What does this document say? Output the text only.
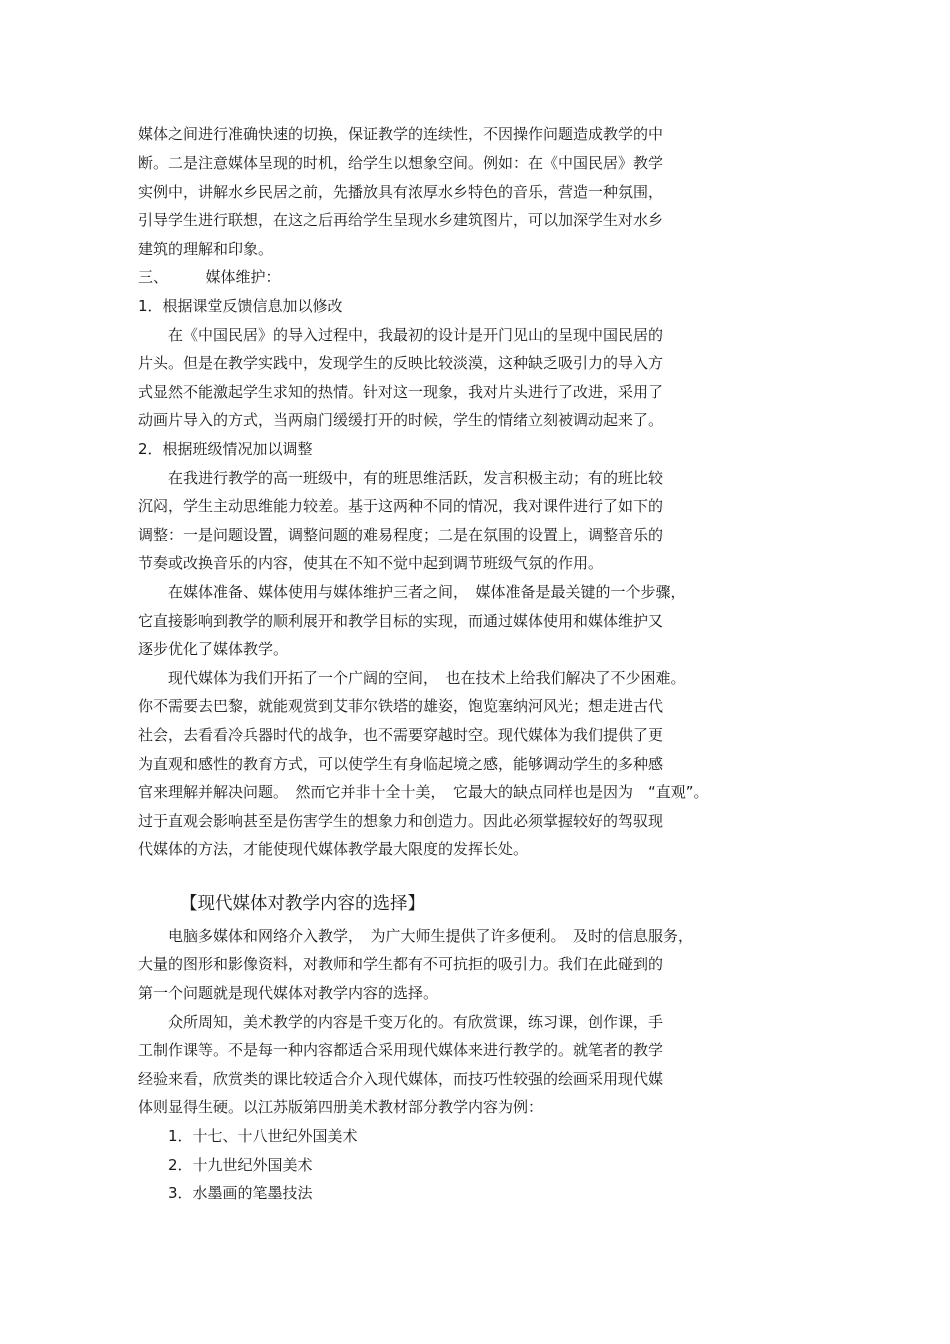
媒体之间进行准确快速的切换，保证教学的连续性，不因操作问题造成教学的中
断。二是注意媒体呈现的时机，给学生以想象空间。例如：在《中国民居》教学
实例中，讲解水乡民居之前，先播放具有浓厚水乡特色的音乐，营造一种氛围，
引导学生进行联想，在这之后再给学生呈现水乡建筑图片，可以加深学生对水乡
建筑的理解和印象。
三、　　　媒体维护：
1．根据课堂反馈信息加以修改
　　在《中国民居》的导入过程中，我最初的设计是开门见山的呈现中国民居的
片头。但是在教学实践中，发现学生的反映比较淡漠，这种缺乏吸引力的导入方
式显然不能激起学生求知的热情。针对这一现象，我对片头进行了改进，采用了
动画片导入的方式，当两扇门缓缓打开的时候，学生的情绪立刻被调动起来了。
2．根据班级情况加以调整
　　在我进行教学的高一班级中，有的班思维活跃，发言积极主动；有的班比较
沉闷，学生主动思维能力较差。基于这两种不同的情况，我对课件进行了如下的
调整：一是问题设置，调整问题的难易程度；二是在氛围的设置上，调整音乐的
节奏或改换音乐的内容，使其在不知不觉中起到调节班级气氛的作用。
　　在媒体准备、媒体使用与媒体维护三者之间，　媒体准备是最关键的一个步骤，
它直接影响到教学的顺利展开和教学目标的实现，而通过媒体使用和媒体维护又
逐步优化了媒体教学。
　　现代媒体为我们开拓了一个广阔的空间，　也在技术上给我们解决了不少困难。
你不需要去巴黎，就能观赏到艾菲尔铁塔的雄姿，饱览塞纳河风光；想走进古代
社会，去看看冷兵器时代的战争，也不需要穿越时空。现代媒体为我们提供了更
为直观和感性的教育方式，可以使学生有身临起境之感，能够调动学生的多种感
官来理解并解决问题。　然而它并非十全十美，　它最大的缺点同样也是因为　“直观”。
过于直观会影响甚至是伤害学生的想象力和创造力。因此必须掌握较好的驾驭现
代媒体的方法，才能使现代媒体教学最大限度的发挥长处。
【现代媒体对教学内容的选择】
　　电脑多媒体和网络介入教学，　为广大师生提供了许多便利。　及时的信息服务，
大量的图形和影像资料，对教师和学生都有不可抗拒的吸引力。我们在此碰到的
第一个问题就是现代媒体对教学内容的选择。
　　众所周知，美术教学的内容是千变万化的。有欣赏课，练习课，创作课，手
工制作课等。不是每一种内容都适合采用现代媒体来进行教学的。就笔者的教学
经验来看，欣赏类的课比较适合介入现代媒体，而技巧性较强的绘画采用现代媒
体则显得生硬。以江苏版第四册美术教材部分教学内容为例：
　　1．十七、十八世纪外国美术
　　2．十九世纪外国美术
　　3．水墨画的笔墨技法
